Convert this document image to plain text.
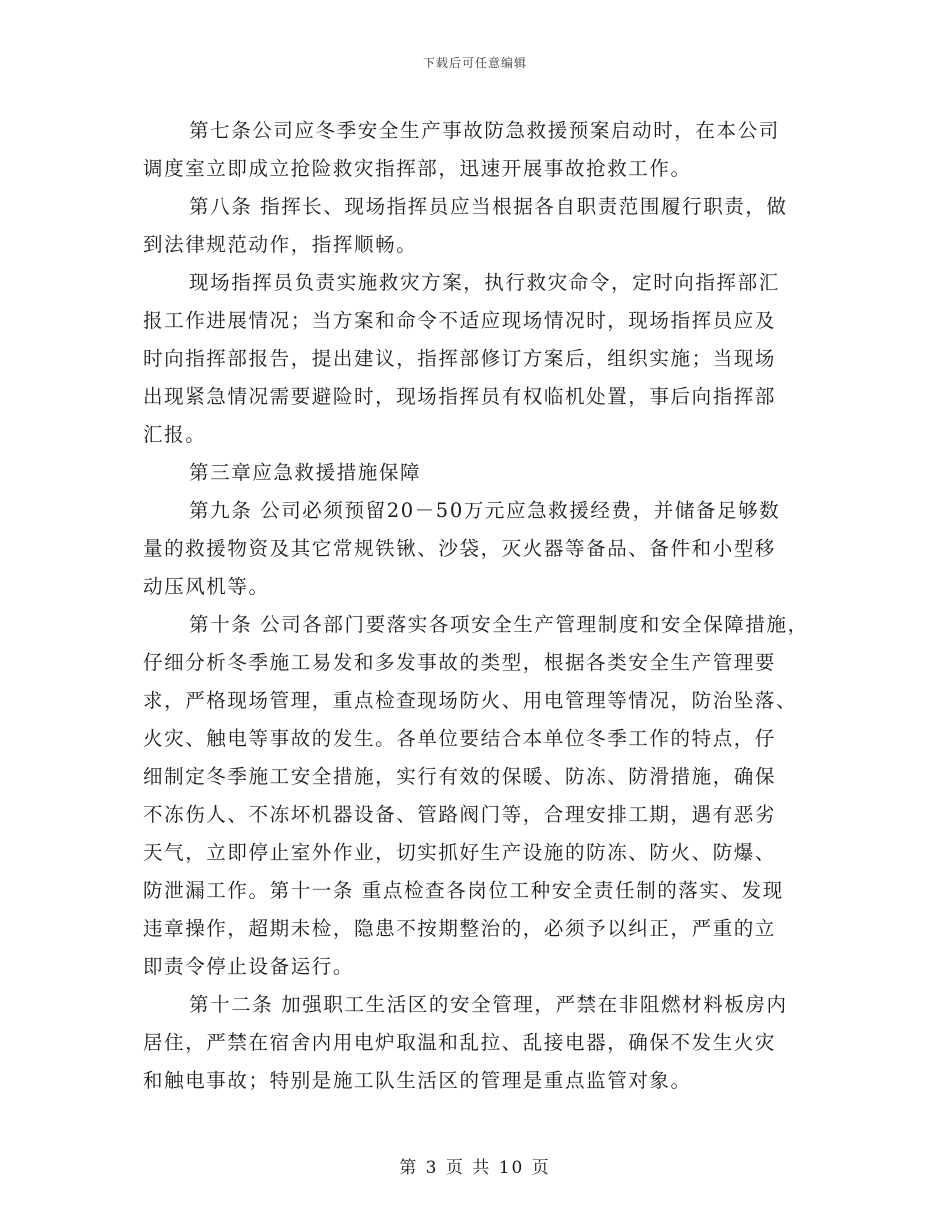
下载后可任意编辑
第七条公司应冬季安全生产事故防急救援预案启动时，在本公司
调度室立即成立抢险救灾指挥部，迅速开展事故抢救工作。
第八条 指挥长、现场指挥员应当根据各自职责范围履行职责，做
到法律规范动作，指挥顺畅。
现场指挥员负责实施救灾方案，执行救灾命令，定时向指挥部汇
报工作进展情况；当方案和命令不适应现场情况时，现场指挥员应及
时向指挥部报告，提出建议，指挥部修订方案后，组织实施；当现场
出现紧急情况需要避险时，现场指挥员有权临机处置，事后向指挥部
汇报。
第三章应急救援措施保障
第九条 公司必须预留20－50万元应急救援经费，并储备足够数
量的救援物资及其它常规铁锹、沙袋，灭火器等备品、备件和小型移
动压风机等。
第十条 公司各部门要落实各项安全生产管理制度和安全保障措施，
仔细分析冬季施工易发和多发事故的类型，根据各类安全生产管理要
求，严格现场管理，重点检查现场防火、用电管理等情况，防治坠落、
火灾、触电等事故的发生。各单位要结合本单位冬季工作的特点，仔
细制定冬季施工安全措施，实行有效的保暖、防冻、防滑措施，确保
不冻伤人、不冻坏机器设备、管路阀门等，合理安排工期，遇有恶劣
天气，立即停止室外作业，切实抓好生产设施的防冻、防火、防爆、
防泄漏工作。第十一条 重点检查各岗位工种安全责任制的落实、发现
违章操作，超期未检，隐患不按期整治的，必须予以纠正，严重的立
即责令停止设备运行。
第十二条 加强职工生活区的安全管理，严禁在非阻燃材料板房内
居住，严禁在宿舍内用电炉取温和乱拉、乱接电器，确保不发生火灾
和触电事故；特别是施工队生活区的管理是重点监管对象。
第 3 页 共 10 页
